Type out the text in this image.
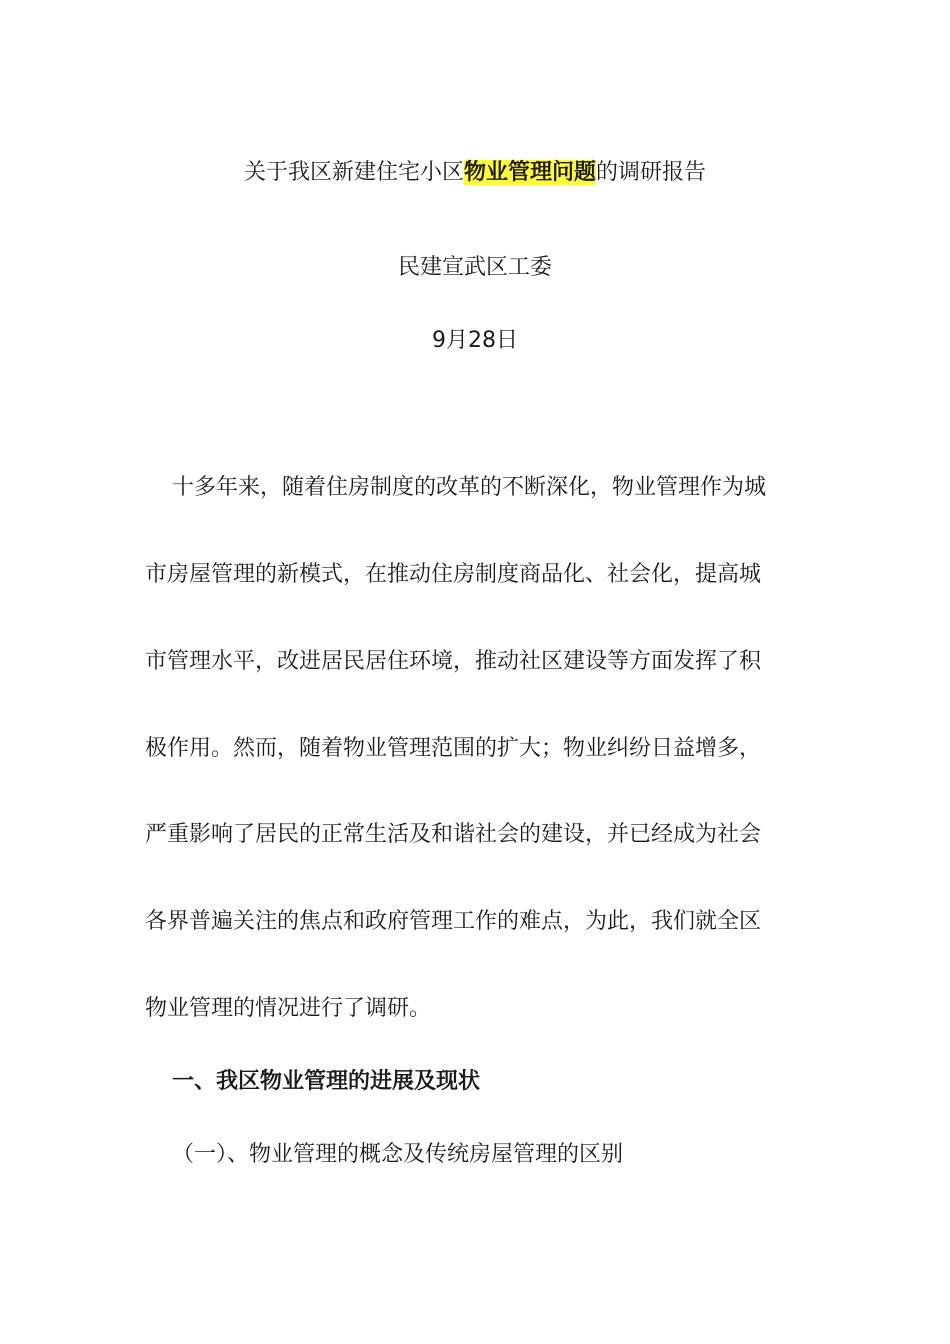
关于我区新建住宅小区物业管理问题的调研报告
民建宣武区工委
9月28日
十多年来，随着住房制度的改革的不断深化，物业管理作为城
市房屋管理的新模式，在推动住房制度商品化、社会化，提高城
市管理水平，改进居民居住环境，推动社区建设等方面发挥了积
极作用。然而，随着物业管理范围的扩大；物业纠纷日益增多，
严重影响了居民的正常生活及和谐社会的建设，并已经成为社会
各界普遍关注的焦点和政府管理工作的难点，为此，我们就全区
物业管理的情况进行了调研。
一、我区物业管理的进展及现状
（一）、物业管理的概念及传统房屋管理的区别
